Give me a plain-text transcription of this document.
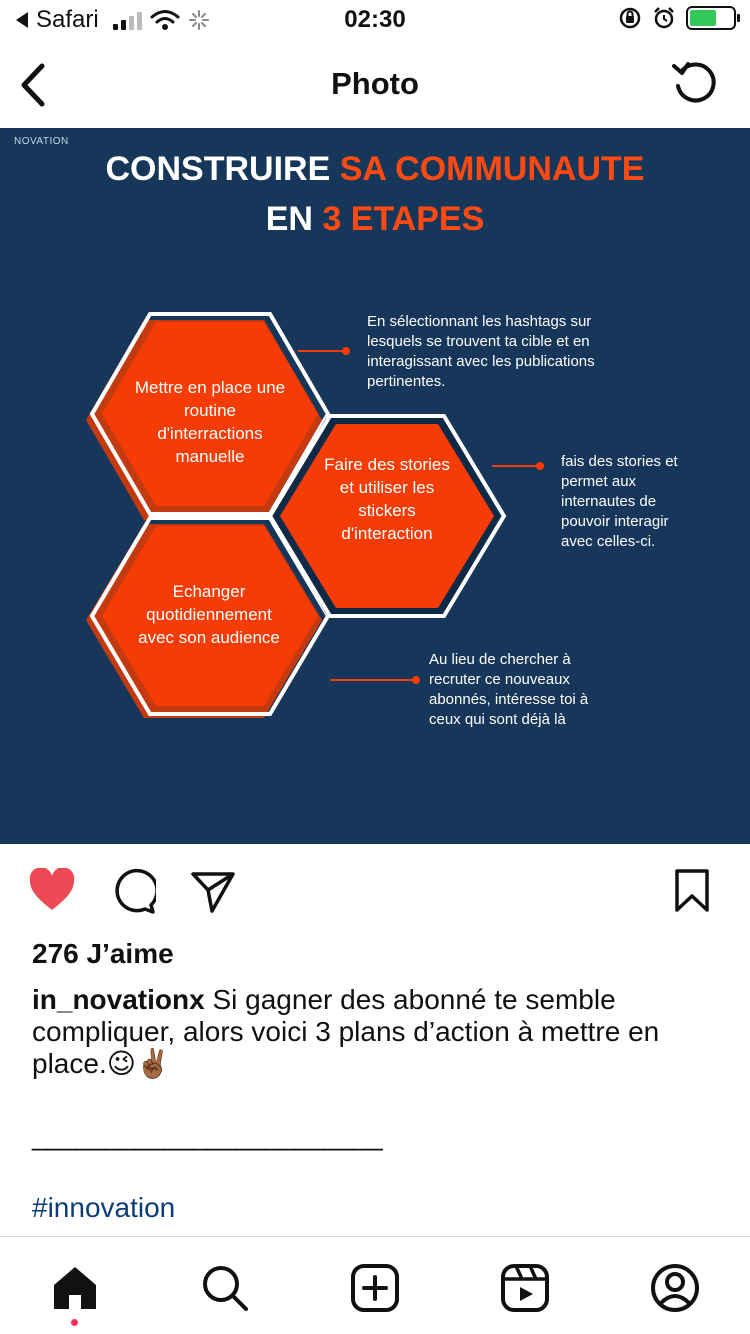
Safari	02:30
Photo
NOVATION
CONSTRUIRE SA COMMUNAUTE
EN 3 ETAPES
Mettre en place une routine d'interractions manuelle	Faire des stories et utiliser les stickers d'interaction
Echanger quotidiennement avec son audience
En sélectionnant les hashtags sur lesquels se trouvent ta cible et en interagissant avec les publications pertinentes.
fais des stories et permet aux internautes de pouvoir interagir avec celles-ci.
Au lieu de chercher à recruter ce nouveaux abonnés, intéresse toi à ceux qui sont déjà là
276 J’aime
in_novationx Si gagner des abonné te semble compliquer, alors voici 3 plans d’action à mettre en place.😉✌🏾
________________________
#innovation
